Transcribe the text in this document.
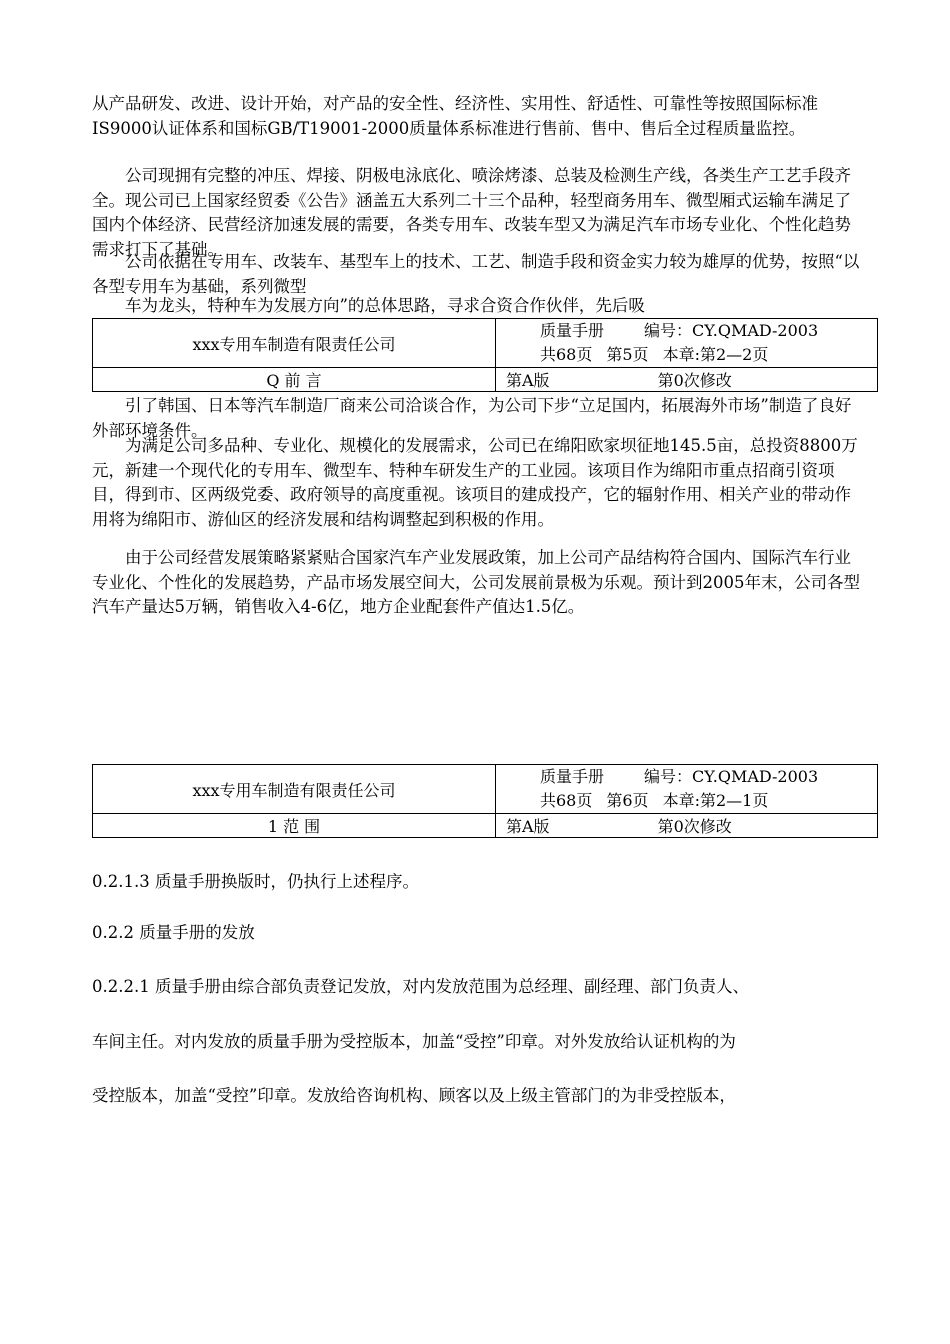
从产品研发、改进、设计开始，对产品的安全性、经济性、实用性、舒适性、可靠性等按照国际标准IS9000认证体系和国标GB/T19001-2000质量体系标准进行售前、售中、售后全过程质量监控。

公司现拥有完整的冲压、焊接、阴极电泳底化、喷涂烤漆、总装及检测生产线，各类生产工艺手段齐全。现公司已上国家经贸委《公告》涵盖五大系列二十三个品种，轻型商务用车、微型厢式运输车满足了国内个体经济、民营经济加速发展的需要，各类专用车、改装车型又为满足汽车市场专业化、个性化趋势需求打下了基础。

公司依据在专用车、改装车、基型车上的技术、工艺、制造手段和资金实力较为雄厚的优势，按照“以各型专用车为基础，系列微型

车为龙头，特种车为发展方向”的总体思路，寻求合资合作伙伴，先后吸

xxx专用车制造有限责任公司	质量手册 编号：CY.QMAD-2003
共68页 第5页 本章:第2—2页

Q 前 言	第A版 第0次修改

引了韩国、日本等汽车制造厂商来公司洽谈合作，为公司下步“立足国内，拓展海外市场”制造了良好外部环境条件。

为满足公司多品种、专业化、规模化的发展需求，公司已在绵阳欧家坝征地145.5亩，总投资8800万元，新建一个现代化的专用车、微型车、特种车研发生产的工业园。该项目作为绵阳市重点招商引资项目，得到市、区两级党委、政府领导的高度重视。该项目的建成投产，它的辐射作用、相关产业的带动作用将为绵阳市、游仙区的经济发展和结构调整起到积极的作用。

由于公司经营发展策略紧紧贴合国家汽车产业发展政策，加上公司产品结构符合国内、国际汽车行业专业化、个性化的发展趋势，产品市场发展空间大，公司发展前景极为乐观。预计到2005年末，公司各型汽车产量达5万辆，销售收入4-6亿，地方企业配套件产值达1.5亿。

xxx专用车制造有限责任公司	质量手册 编号：CY.QMAD-2003
共68页 第6页 本章:第2—1页

1 范 围	第A版 第0次修改

0.2.1.3 质量手册换版时，仍执行上述程序。

0.2.2 质量手册的发放

0.2.2.1 质量手册由综合部负责登记发放，对内发放范围为总经理、副经理、部门负责人、

车间主任。对内发放的质量手册为受控版本，加盖“受控”印章。对外发放给认证机构的为

受控版本，加盖“受控”印章。发放给咨询机构、顾客以及上级主管部门的为非受控版本，
